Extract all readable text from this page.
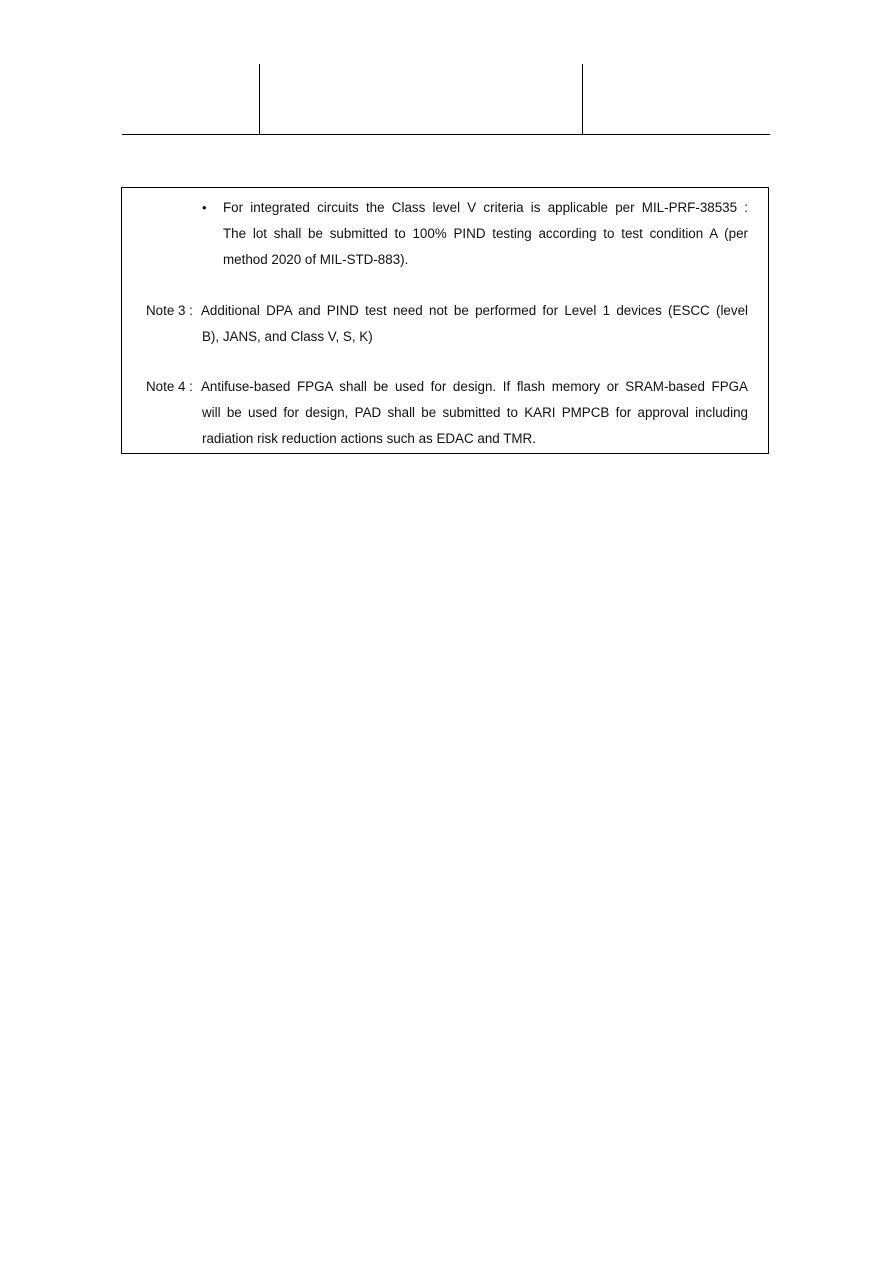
• For integrated circuits the Class level V criteria is applicable per MIL-PRF-38535 :
The lot shall be submitted to 100% PIND testing according to test condition A (per
method 2020 of MIL-STD-883).
Note 3 : Additional DPA and PIND test need not be performed for Level 1 devices (ESCC (level
B), JANS, and Class V, S, K)
Note 4 : Antifuse-based FPGA shall be used for design. If flash memory or SRAM-based FPGA
will be used for design, PAD shall be submitted to KARI PMPCB for approval including
radiation risk reduction actions such as EDAC and TMR.
